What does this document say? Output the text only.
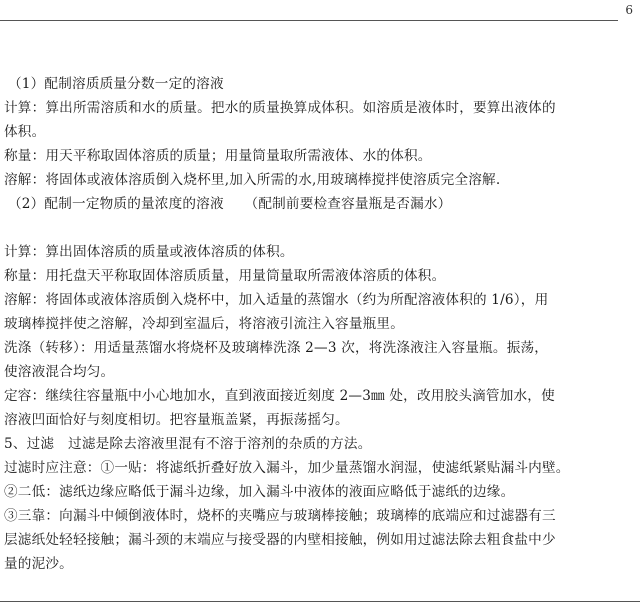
6
（1）配制溶质质量分数一定的溶液
计算：算出所需溶质和水的质量。把水的质量换算成体积。如溶质是液体时，要算出液体的
体积。
称量：用天平称取固体溶质的质量；用量筒量取所需液体、水的体积。
溶解：将固体或液体溶质倒入烧杯里,加入所需的水,用玻璃棒搅拌使溶质完全溶解.
（2）配制一定物质的量浓度的溶液　　（配制前要检查容量瓶是否漏水）
计算：算出固体溶质的质量或液体溶质的体积。
称量：用托盘天平称取固体溶质质量，用量筒量取所需液体溶质的体积。
溶解：将固体或液体溶质倒入烧杯中，加入适量的蒸馏水（约为所配溶液体积的 1/6），用
玻璃棒搅拌使之溶解，冷却到室温后，将溶液引流注入容量瓶里。
洗涤（转移）：用适量蒸馏水将烧杯及玻璃棒洗涤 2—3 次，将洗涤液注入容量瓶。振荡，
使溶液混合均匀。
定容：继续往容量瓶中小心地加水，直到液面接近刻度 2—3㎜ 处，改用胶头滴管加水，使
溶液凹面恰好与刻度相切。把容量瓶盖紧，再振荡摇匀。
5、过滤　过滤是除去溶液里混有不溶于溶剂的杂质的方法。
过滤时应注意：①一贴：将滤纸折叠好放入漏斗，加少量蒸馏水润湿，使滤纸紧贴漏斗内壁。
②二低：滤纸边缘应略低于漏斗边缘，加入漏斗中液体的液面应略低于滤纸的边缘。
③三靠：向漏斗中倾倒液体时，烧杯的夹嘴应与玻璃棒接触；玻璃棒的底端应和过滤器有三
层滤纸处轻轻接触；漏斗颈的末端应与接受器的内壁相接触，例如用过滤法除去粗食盐中少
量的泥沙。
